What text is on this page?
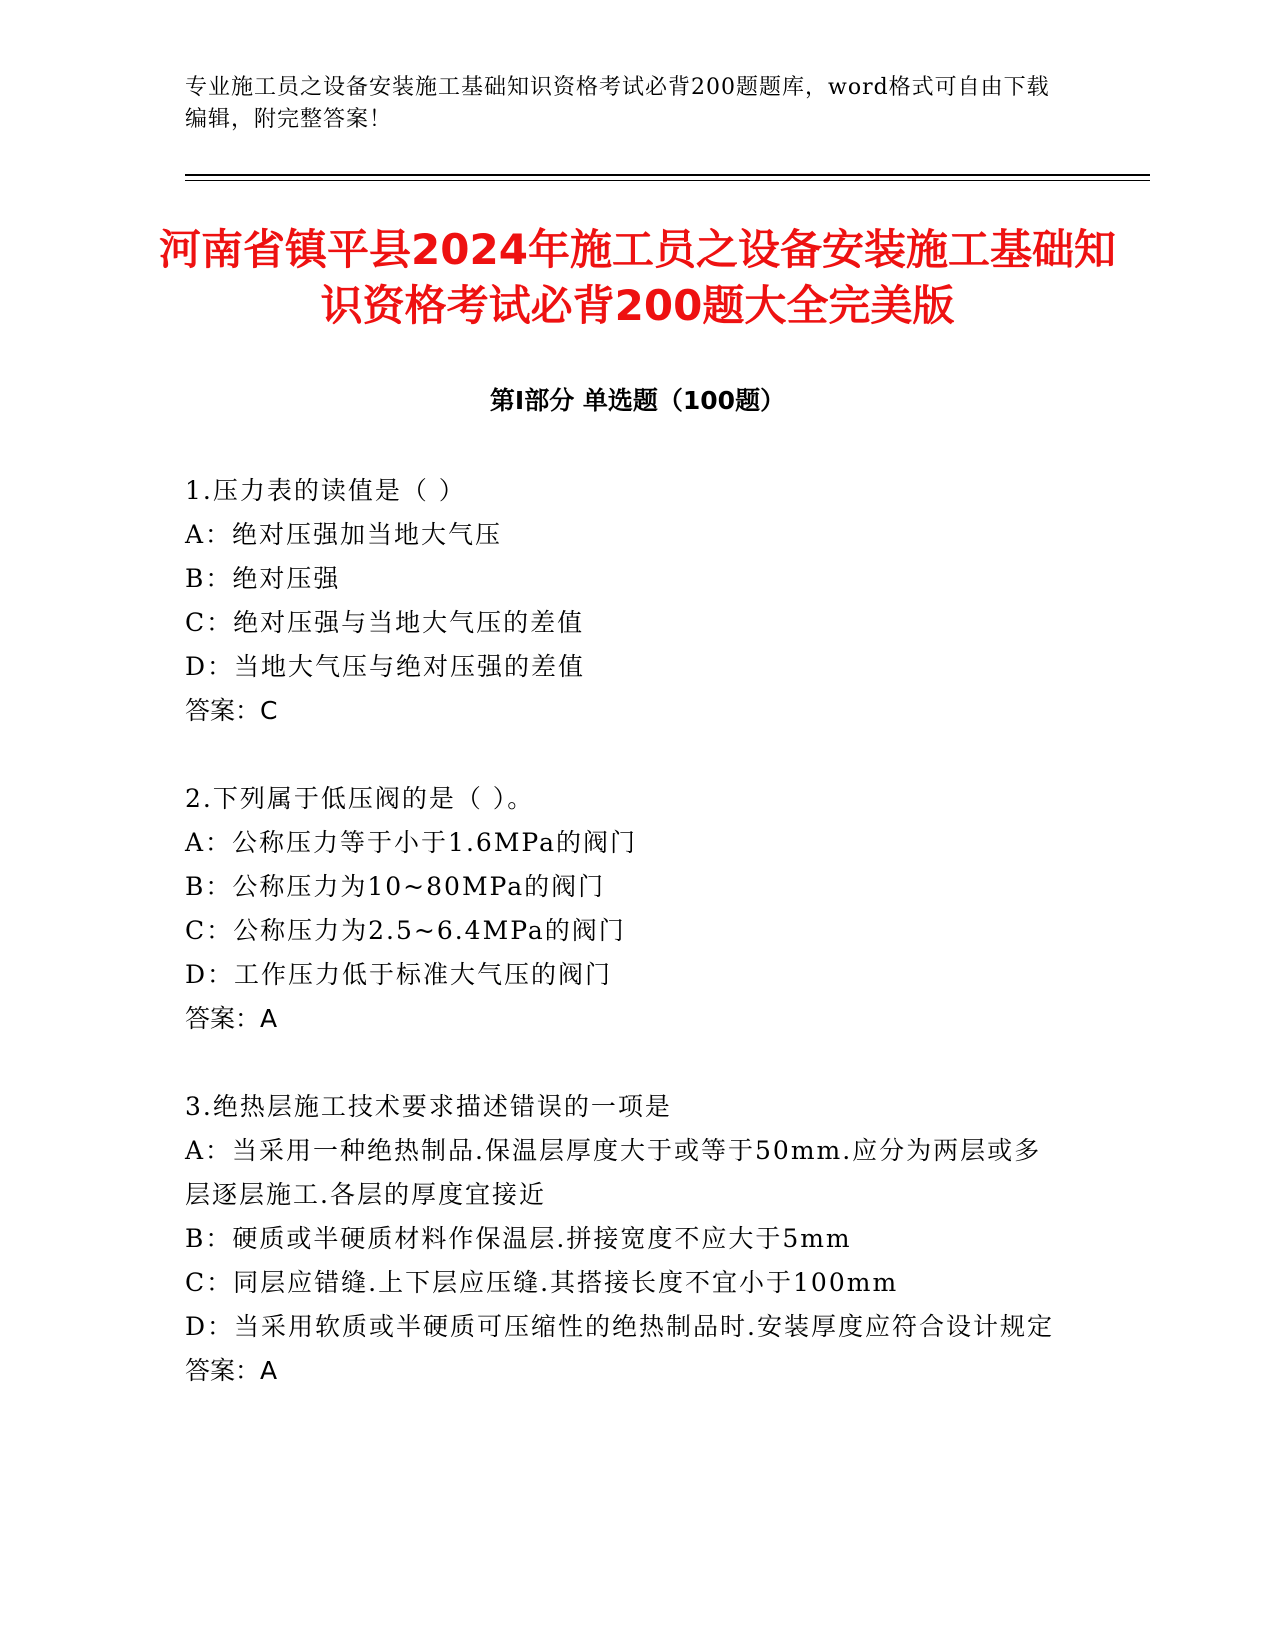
专业施工员之设备安装施工基础知识资格考试必背200题题库，word格式可自由下载编辑，附完整答案！
河南省镇平县2024年施工员之设备安装施工基础知识资格考试必背200题大全完美版
第I部分 单选题（100题）
1.压力表的读值是（ ）
A：绝对压强加当地大气压
B：绝对压强
C：绝对压强与当地大气压的差值
D：当地大气压与绝对压强的差值
答案：C
2.下列属于低压阀的是（ ）。
A：公称压力等于小于1.6MPa的阀门
B：公称压力为10~80MPa的阀门
C：公称压力为2.5~6.4MPa的阀门
D：工作压力低于标准大气压的阀门
答案：A
3.绝热层施工技术要求描述错误的一项是
A：当采用一种绝热制品.保温层厚度大于或等于50mm.应分为两层或多层逐层施工.各层的厚度宜接近
B：硬质或半硬质材料作保温层.拼接宽度不应大于5mm
C：同层应错缝.上下层应压缝.其搭接长度不宜小于100mm
D：当采用软质或半硬质可压缩性的绝热制品时.安装厚度应符合设计规定
答案：A
